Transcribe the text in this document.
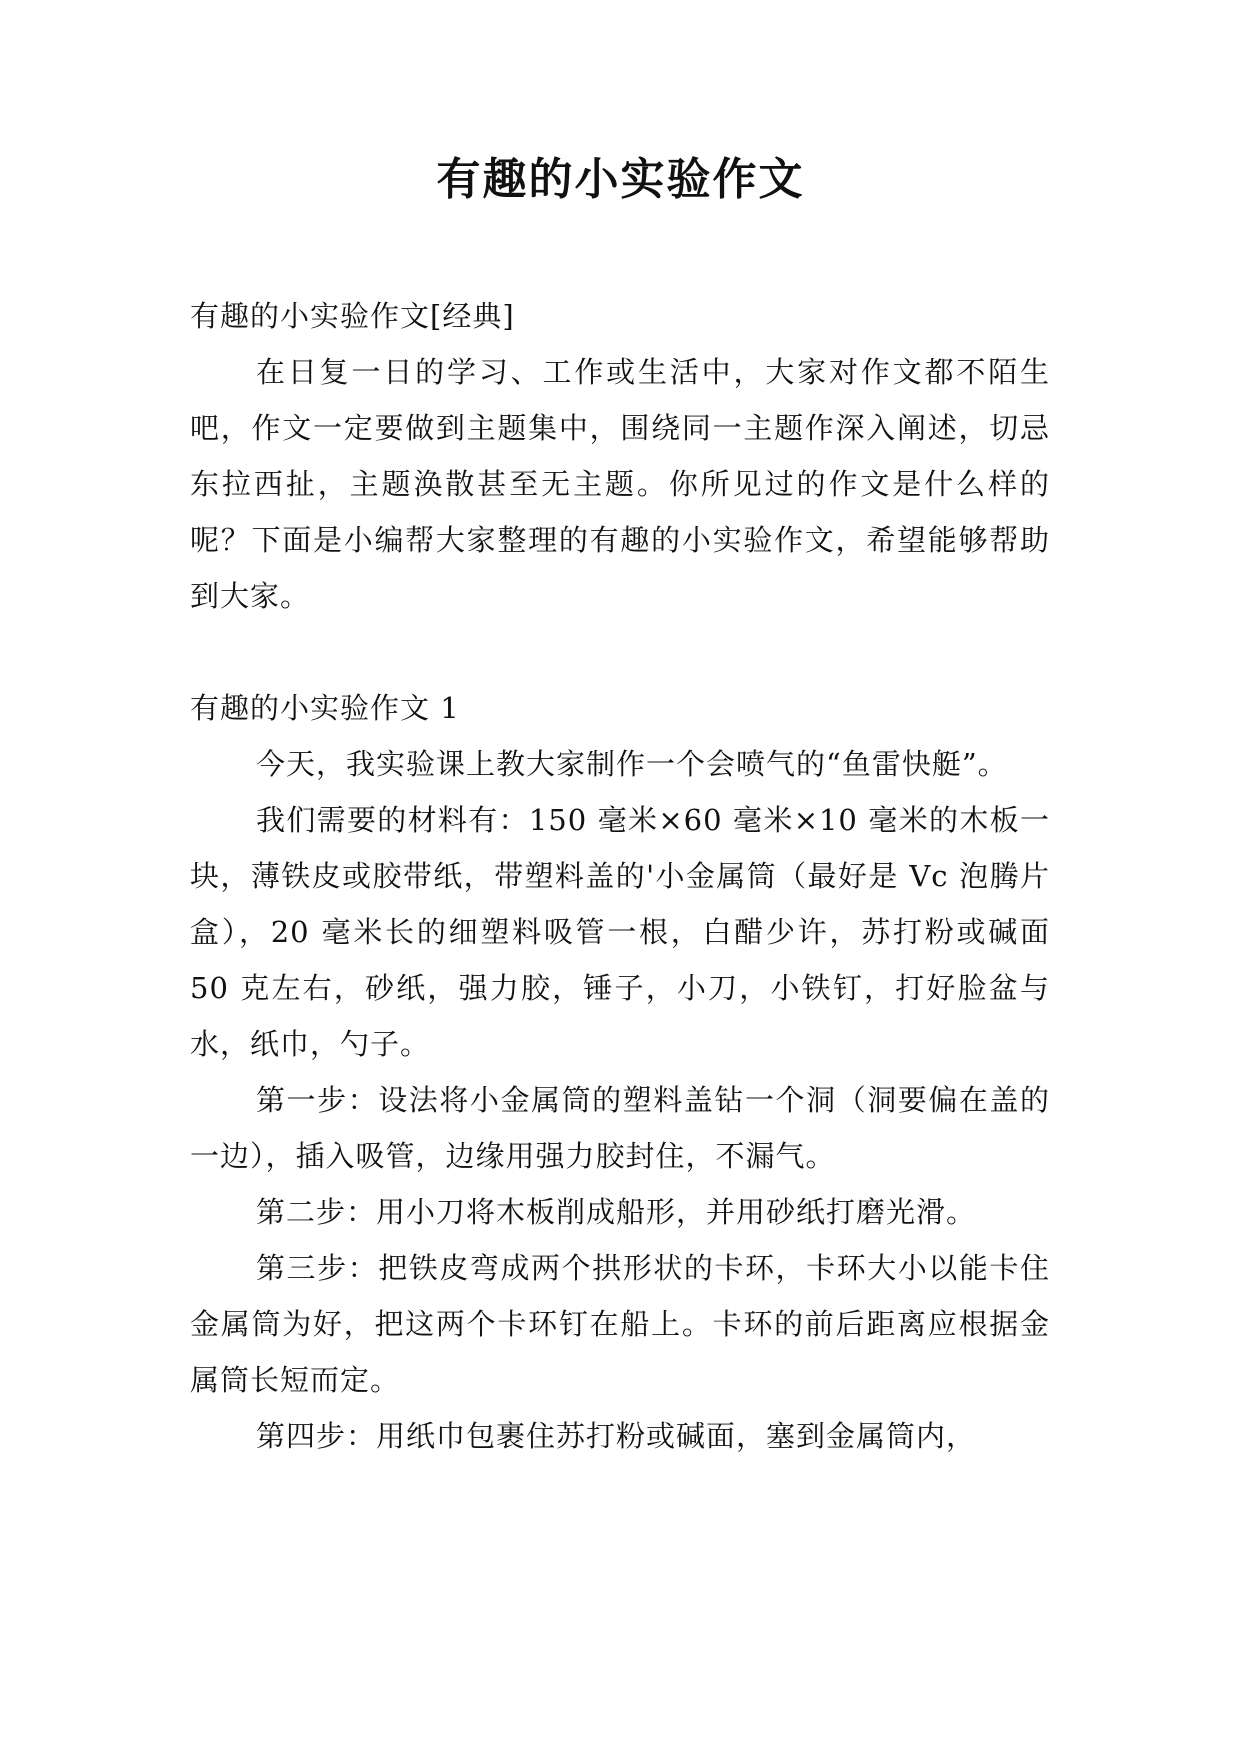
有趣的小实验作文

有趣的小实验作文[经典]

在日复一日的学习、工作或生活中，大家对作文都不陌生吧，作文一定要做到主题集中，围绕同一主题作深入阐述，切忌东拉西扯，主题涣散甚至无主题。你所见过的作文是什么样的呢？下面是小编帮大家整理的有趣的小实验作文，希望能够帮助到大家。

有趣的小实验作文 1

今天，我实验课上教大家制作一个会喷气的“鱼雷快艇”。

我们需要的材料有：150 毫米×60 毫米×10 毫米的木板一块，薄铁皮或胶带纸，带塑料盖的'小金属筒（最好是 Vc 泡腾片盒），20 毫米长的细塑料吸管一根，白醋少许，苏打粉或碱面 50 克左右，砂纸，强力胶，锤子，小刀，小铁钉，打好脸盆与水，纸巾，勺子。

第一步：设法将小金属筒的塑料盖钻一个洞（洞要偏在盖的一边），插入吸管，边缘用强力胶封住，不漏气。

第二步：用小刀将木板削成船形，并用砂纸打磨光滑。

第三步：把铁皮弯成两个拱形状的卡环，卡环大小以能卡住金属筒为好，把这两个卡环钉在船上。卡环的前后距离应根据金属筒长短而定。

第四步：用纸巾包裹住苏打粉或碱面，塞到金属筒内，
